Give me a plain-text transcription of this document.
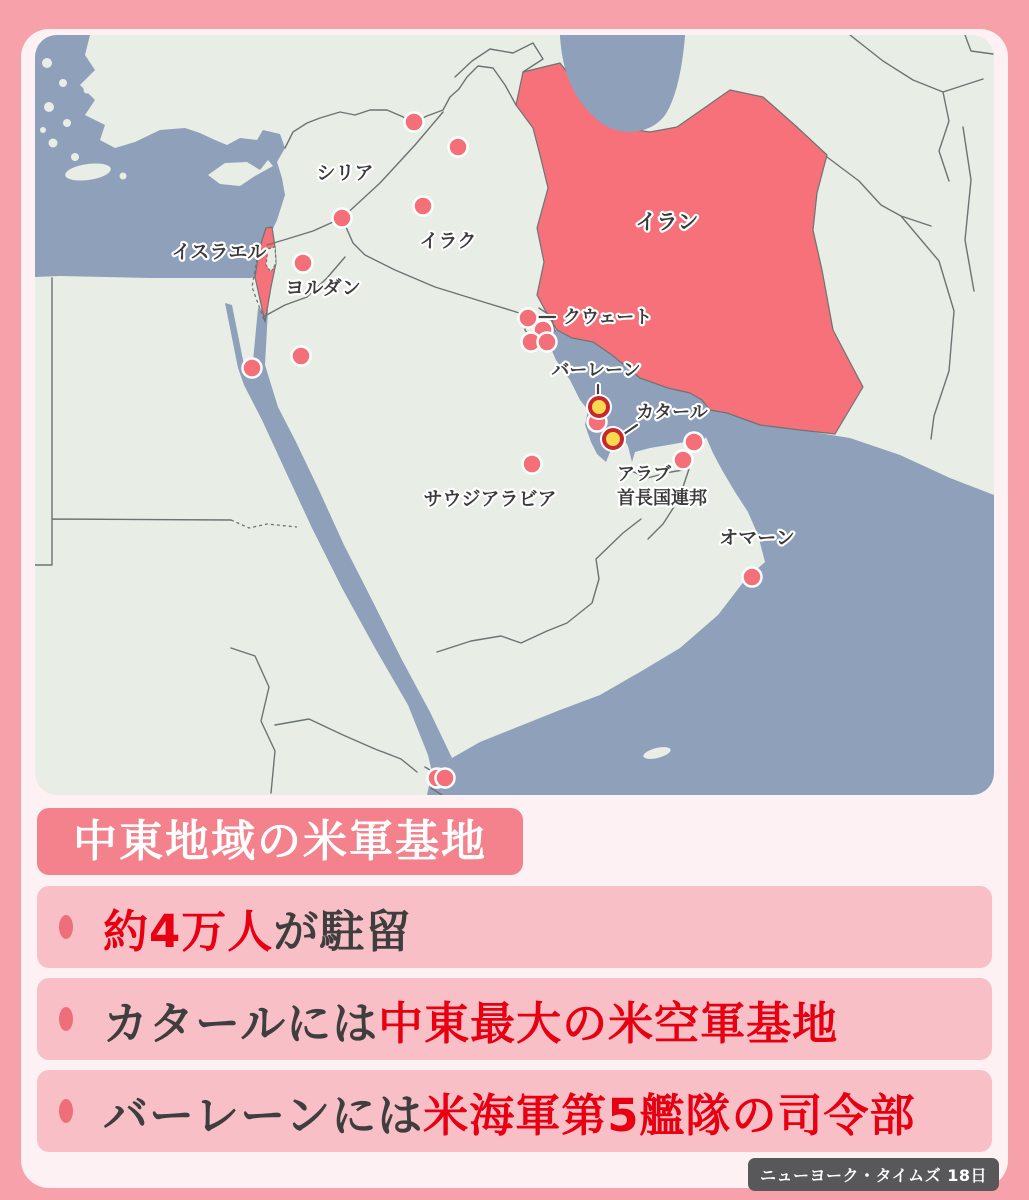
シリア
イスラエル
ヨルダン
イラク
イラン
クウェート
バーレーン
カタール
アラブ首長国連邦
サウジアラビア
オマーン
中東地域の米軍基地
約4万人が駐留
カタールには中東最大の米空軍基地
バーレーンには米海軍第5艦隊の司令部
ニューヨーク・タイムズ 18日
